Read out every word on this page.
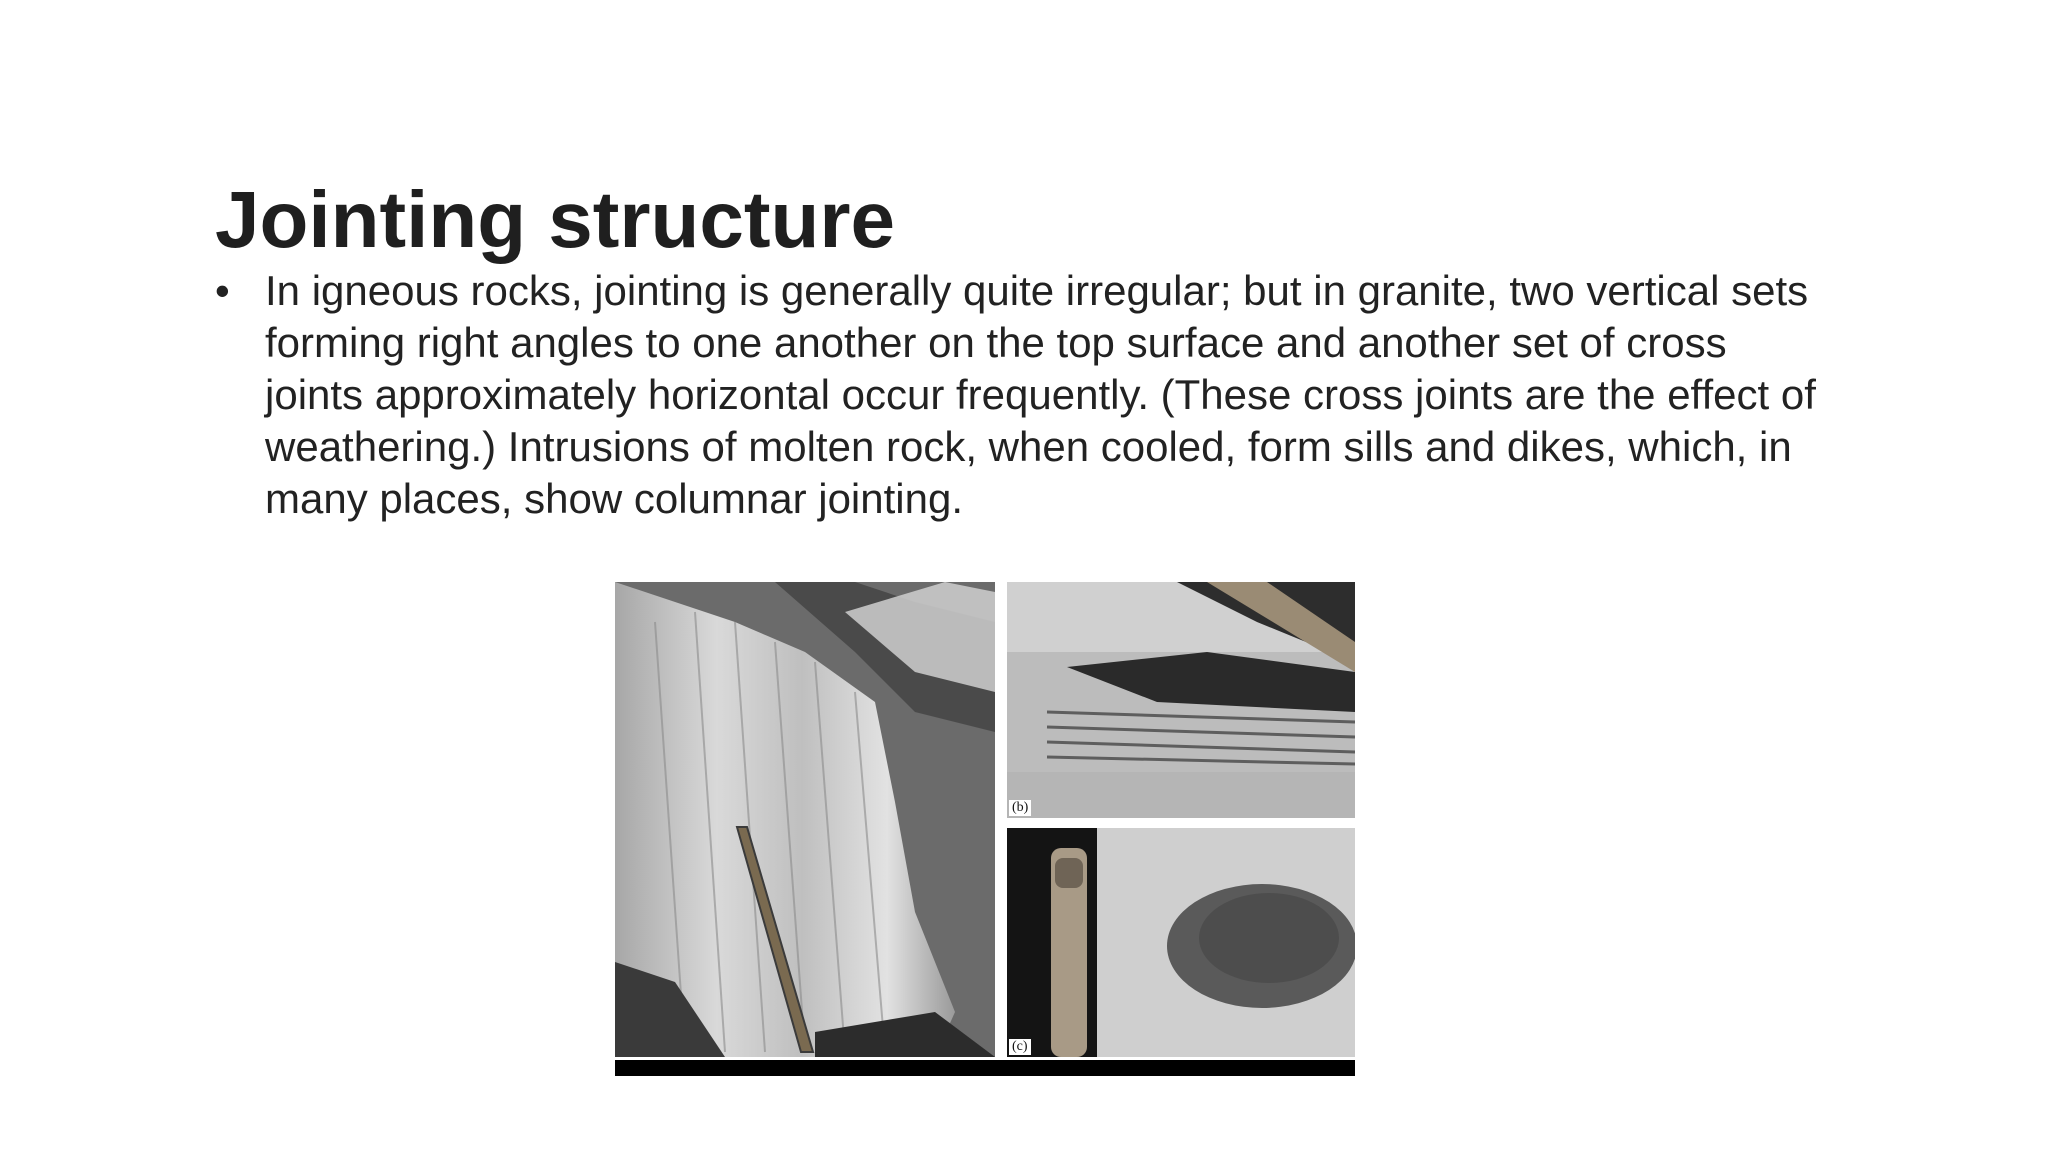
Jointing structure
• In igneous rocks, jointing is generally quite irregular; but in granite, two vertical sets forming right angles to one another on the top surface and another set of cross joints approximately horizontal occur frequently. (These cross joints are the effect of weathering.) Intrusions of molten rock, when cooled, form sills and dikes, which, in many places, show columnar jointing.
(b)
(c)
